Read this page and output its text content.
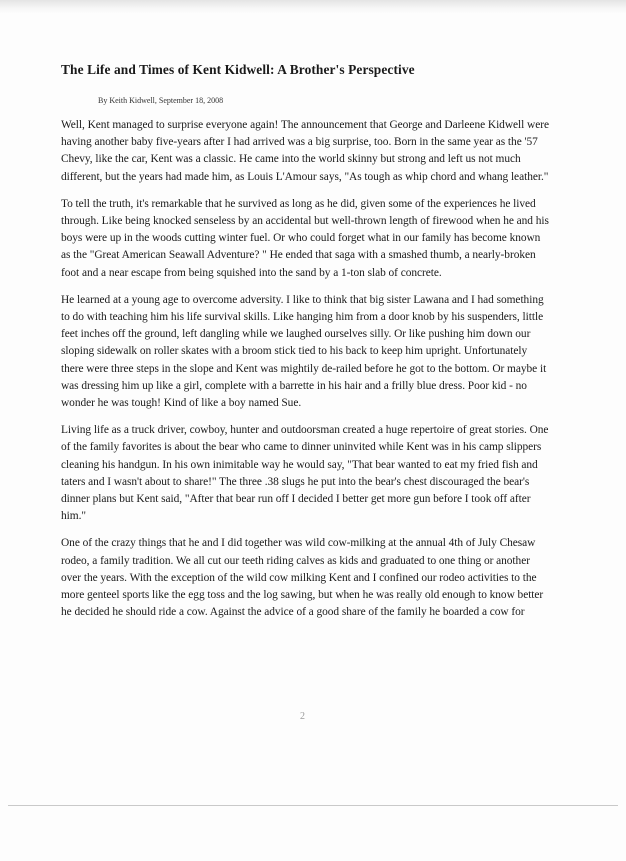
The Life and Times of Kent Kidwell: A Brother's Perspective
By Keith Kidwell, September 18, 2008

Well, Kent managed to surprise everyone again! The announcement that George and Darleene Kidwell were having another baby five-years after I had arrived was a big surprise, too. Born in the same year as the '57 Chevy, like the car, Kent was a classic. He came into the world skinny but strong and left us not much different, but the years had made him, as Louis L'Amour says, "As tough as whip chord and whang leather."

To tell the truth, it's remarkable that he survived as long as he did, given some of the experiences he lived through. Like being knocked senseless by an accidental but well-thrown length of firewood when he and his boys were up in the woods cutting winter fuel. Or who could forget what in our family has become known as the "Great American Seawall Adventure? " He ended that saga with a smashed thumb, a nearly-broken foot and a near escape from being squished into the sand by a 1-ton slab of concrete.

He learned at a young age to overcome adversity. I like to think that big sister Lawana and I had something to do with teaching him his life survival skills. Like hanging him from a door knob by his suspenders, little feet inches off the ground, left dangling while we laughed ourselves silly. Or like pushing him down our sloping sidewalk on roller skates with a broom stick tied to his back to keep him upright. Unfortunately there were three steps in the slope and Kent was mightily de-railed before he got to the bottom. Or maybe it was dressing him up like a girl, complete with a barrette in his hair and a frilly blue dress. Poor kid - no wonder he was tough! Kind of like a boy named Sue.

Living life as a truck driver, cowboy, hunter and outdoorsman created a huge repertoire of great stories. One of the family favorites is about the bear who came to dinner uninvited while Kent was in his camp slippers cleaning his handgun. In his own inimitable way he would say, "That bear wanted to eat my fried fish and taters and I wasn't about to share!" The three .38 slugs he put into the bear's chest discouraged the bear's dinner plans but Kent said, "After that bear run off I decided I better get more gun before I took off after him."

One of the crazy things that he and I did together was wild cow-milking at the annual 4th of July Chesaw rodeo, a family tradition. We all cut our teeth riding calves as kids and graduated to one thing or another over the years. With the exception of the wild cow milking Kent and I confined our rodeo activities to the more genteel sports like the egg toss and the log sawing, but when he was really old enough to know better he decided he should ride a cow. Against the advice of a good share of the family he boarded a cow for

2
